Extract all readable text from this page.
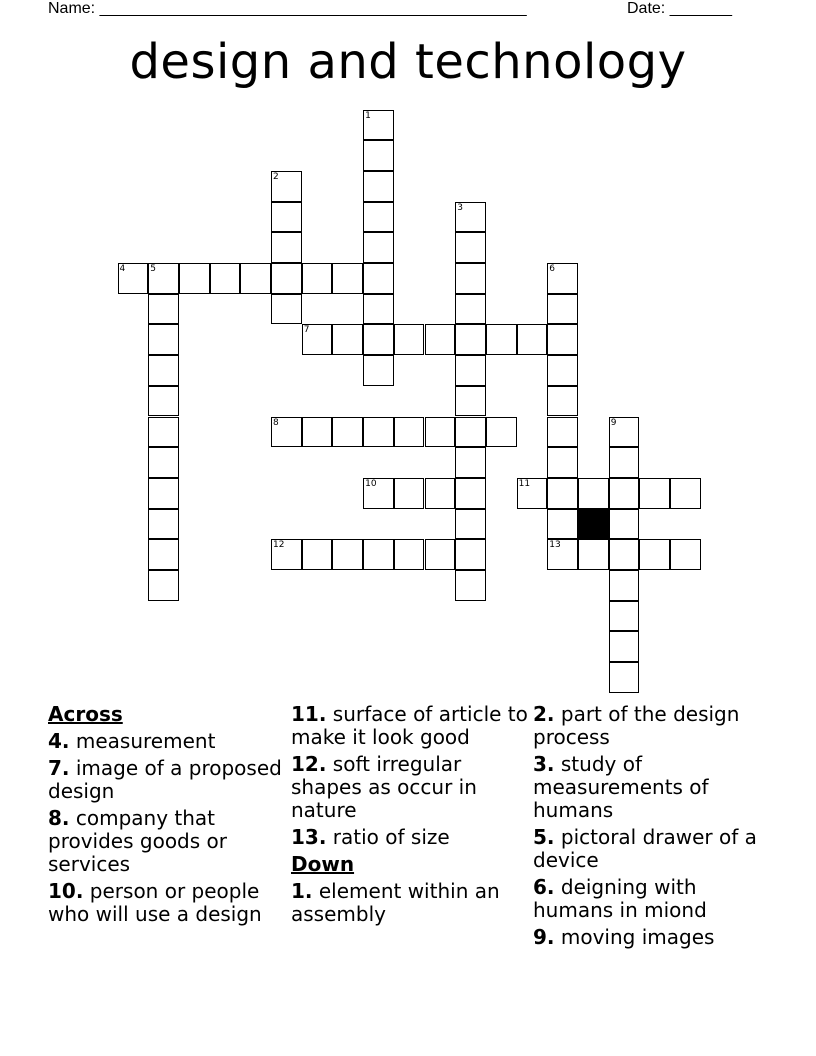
Name: ________________________________________________	Date: _______
design and technology
1
2
3
4	5	6
7
8	9
10	11
12	13
Across
4. measurement
7. image of a proposed design
8. company that provides goods or services
10. person or people who will use a design
11. surface of article to make it look good
12. soft irregular shapes as occur in nature
13. ratio of size
Down
1. element within an assembly
2. part of the design process
3. study of measurements of humans
5. pictoral drawer of a device
6. deigning with humans in miond
9. moving images
